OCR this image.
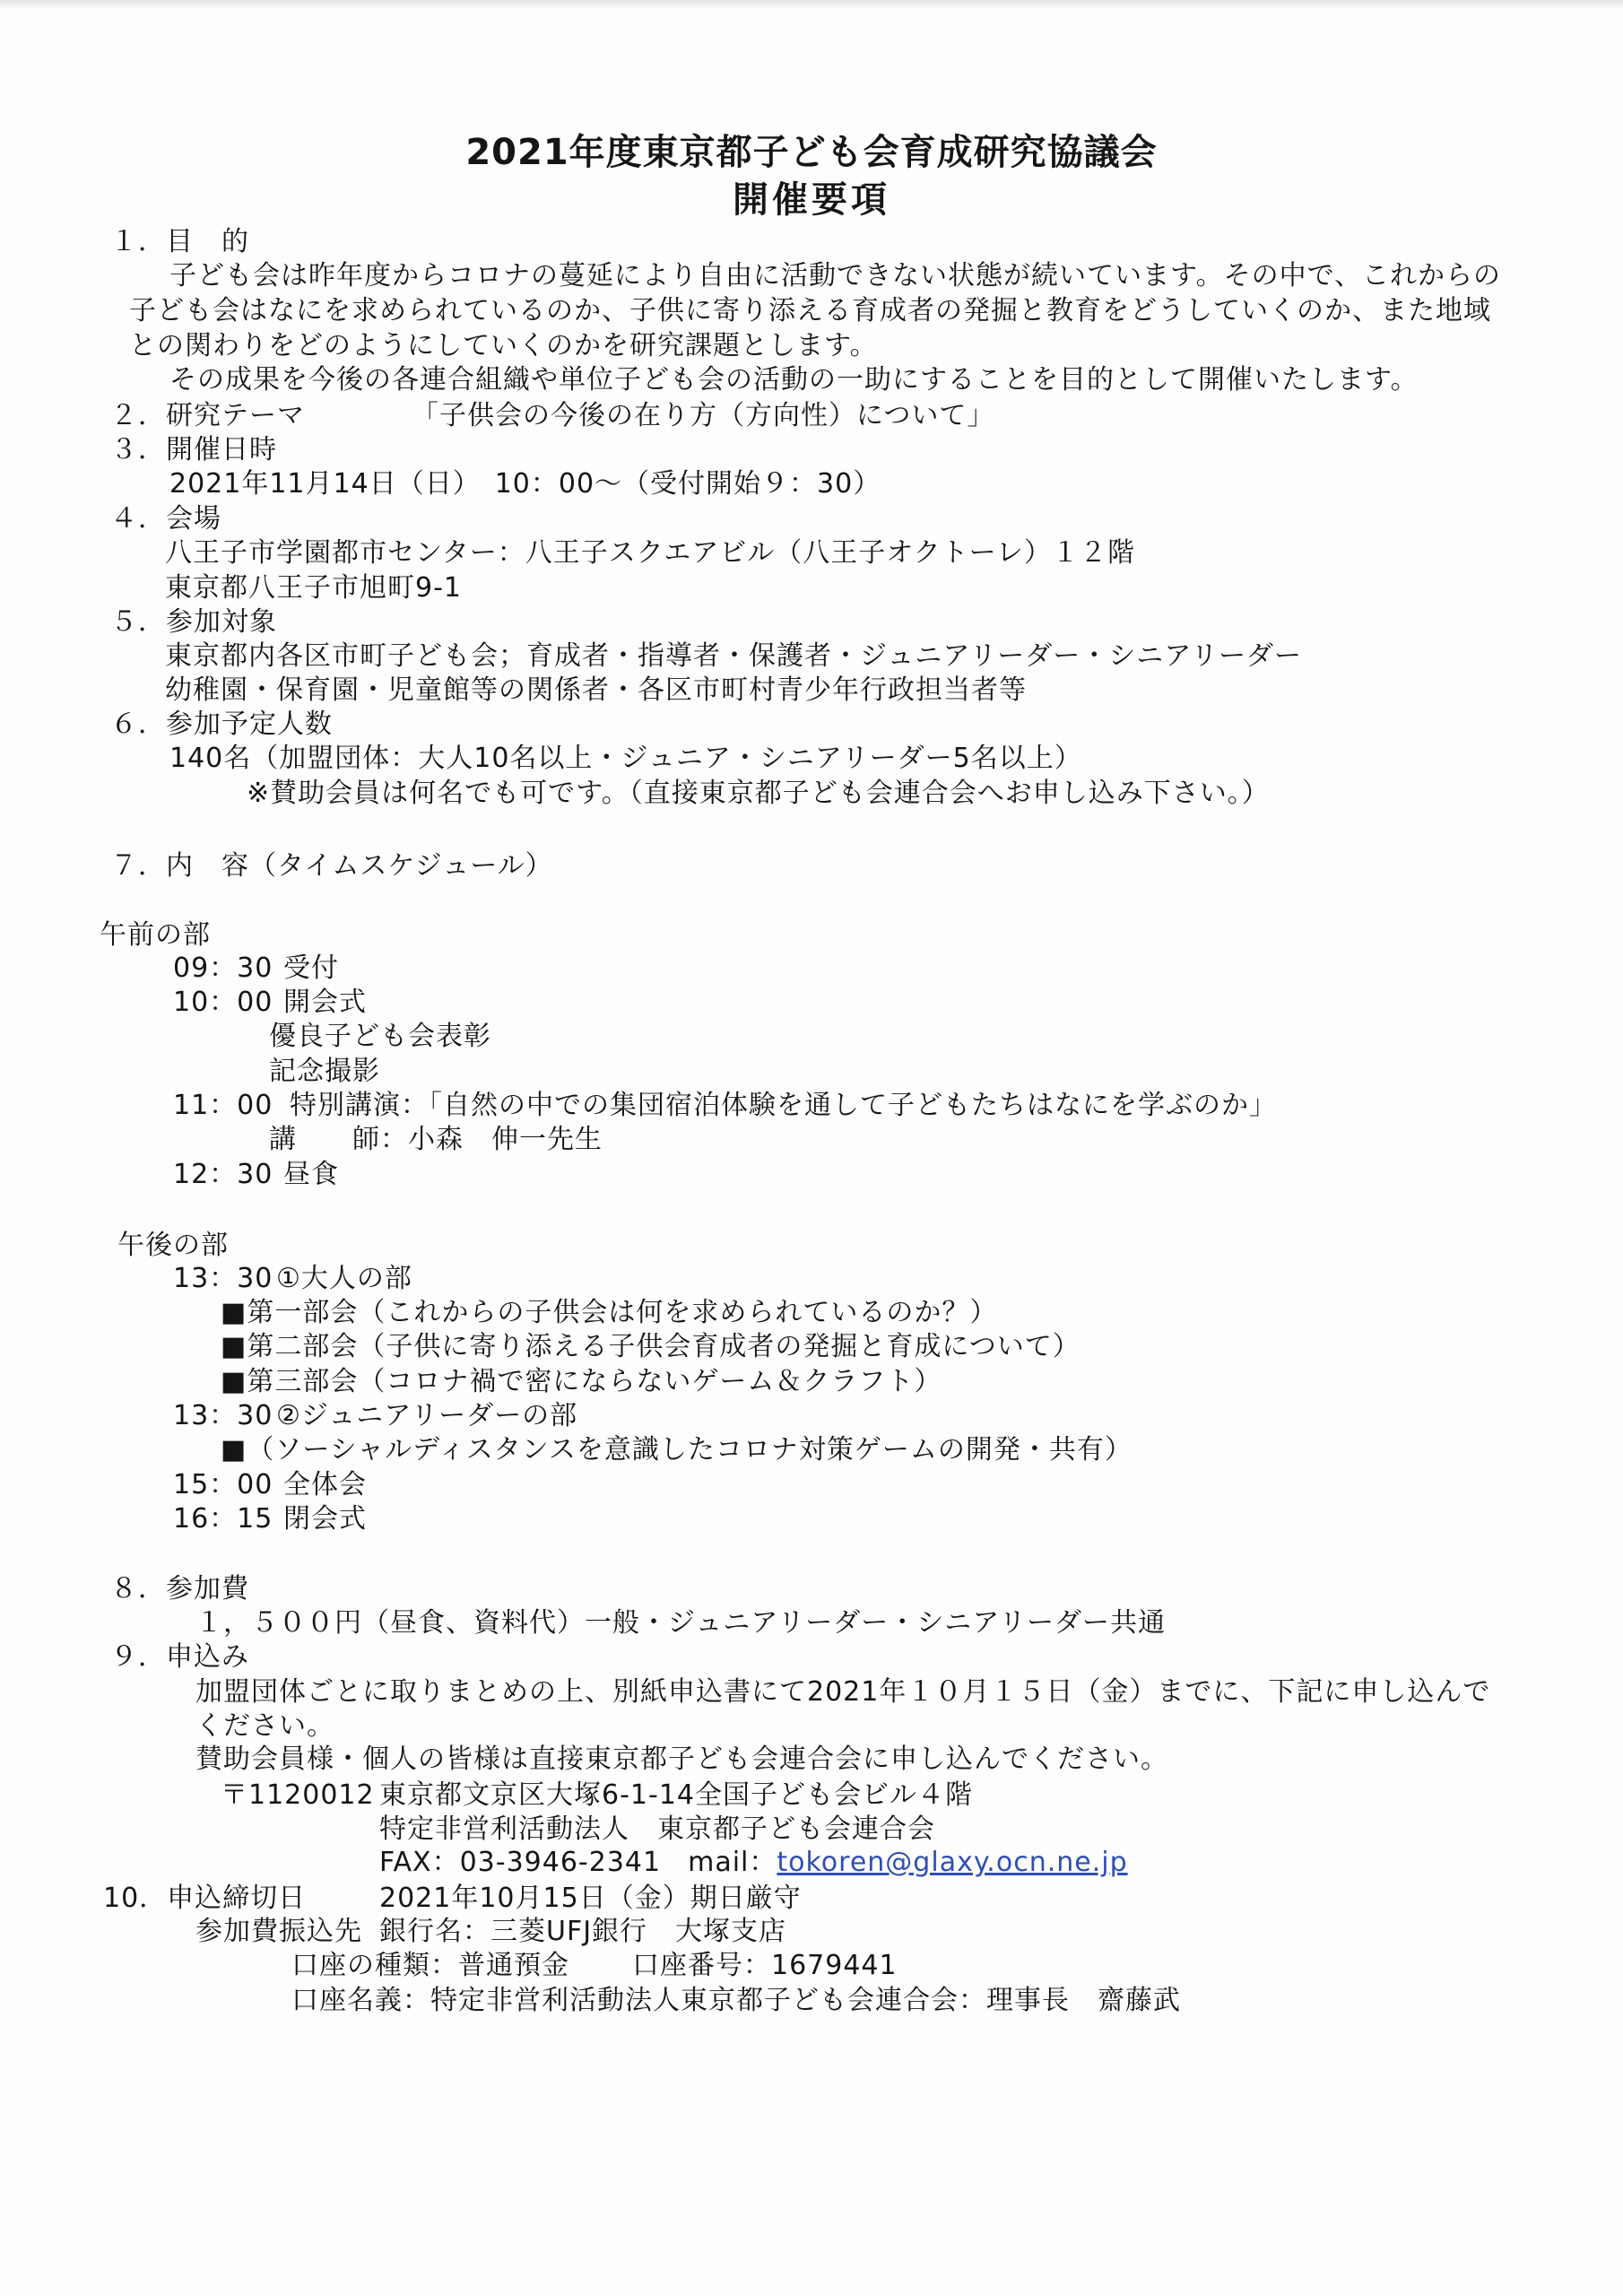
2021年度東京都子ども会育成研究協議会
開催要項
１．目　的
子ども会は昨年度からコロナの蔓延により自由に活動できない状態が続いています。その中で、これからの
子ども会はなにを求められているのか、子供に寄り添える育成者の発掘と教育をどうしていくのか、また地域
との関わりをどのようにしていくのかを研究課題とします。
その成果を今後の各連合組織や単位子ども会の活動の一助にすることを目的として開催いたします。
２．研究テーマ	「子供会の今後の在り方（方向性）について」
３．開催日時
2021年11月14日（日）　10：00～（受付開始９：30）
４．会場
八王子市学園都市センター：八王子スクエアビル（八王子オクトーレ）１２階
東京都八王子市旭町9-1
５．参加対象
東京都内各区市町子ども会；育成者・指導者・保護者・ジュニアリーダー・シニアリーダー
幼稚園・保育園・児童館等の関係者・各区市町村青少年行政担当者等
６．参加予定人数
140名（加盟団体：大人10名以上・ジュニア・シニアリーダー5名以上）
※賛助会員は何名でも可です。（直接東京都子ども会連合会へお申し込み下さい。）
７．内　容（タイムスケジュール）
午前の部
09：30 受付
10：00 開会式
優良子ども会表彰
記念撮影
11：00 特別講演：「自然の中での集団宿泊体験を通して子どもたちはなにを学ぶのか」
講　　師：小森　伸一先生
12：30 昼食
午後の部
13：30 ①大人の部
■第一部会（これからの子供会は何を求められているのか？）
■第二部会（子供に寄り添える子供会育成者の発掘と育成について）
■第三部会（コロナ禍で密にならないゲーム＆クラフト）
13：30 ②ジュニアリーダーの部
■（ソーシャルディスタンスを意識したコロナ対策ゲームの開発・共有）
15：00 全体会
16：15 閉会式
８．参加費
１，５００円（昼食、資料代）一般・ジュニアリーダー・シニアリーダー共通
９．申込み
加盟団体ごとに取りまとめの上、別紙申込書にて2021年１０月１５日（金）までに、下記に申し込んで
ください。
賛助会員様・個人の皆様は直接東京都子ども会連合会に申し込んでください。
〒1120012 東京都文京区大塚6-1-14全国子ども会ビル４階
特定非営利活動法人　東京都子ども会連合会
FAX：03-3946-2341 mail：tokoren@glaxy.ocn.ne.jp
10．申込締切日	2021年10月15日（金）期日厳守
参加費振込先 銀行名：三菱UFJ銀行　大塚支店
口座の種類：普通預金 口座番号：1679441
口座名義：特定非営利活動法人東京都子ども会連合会：理事長　齋藤武
